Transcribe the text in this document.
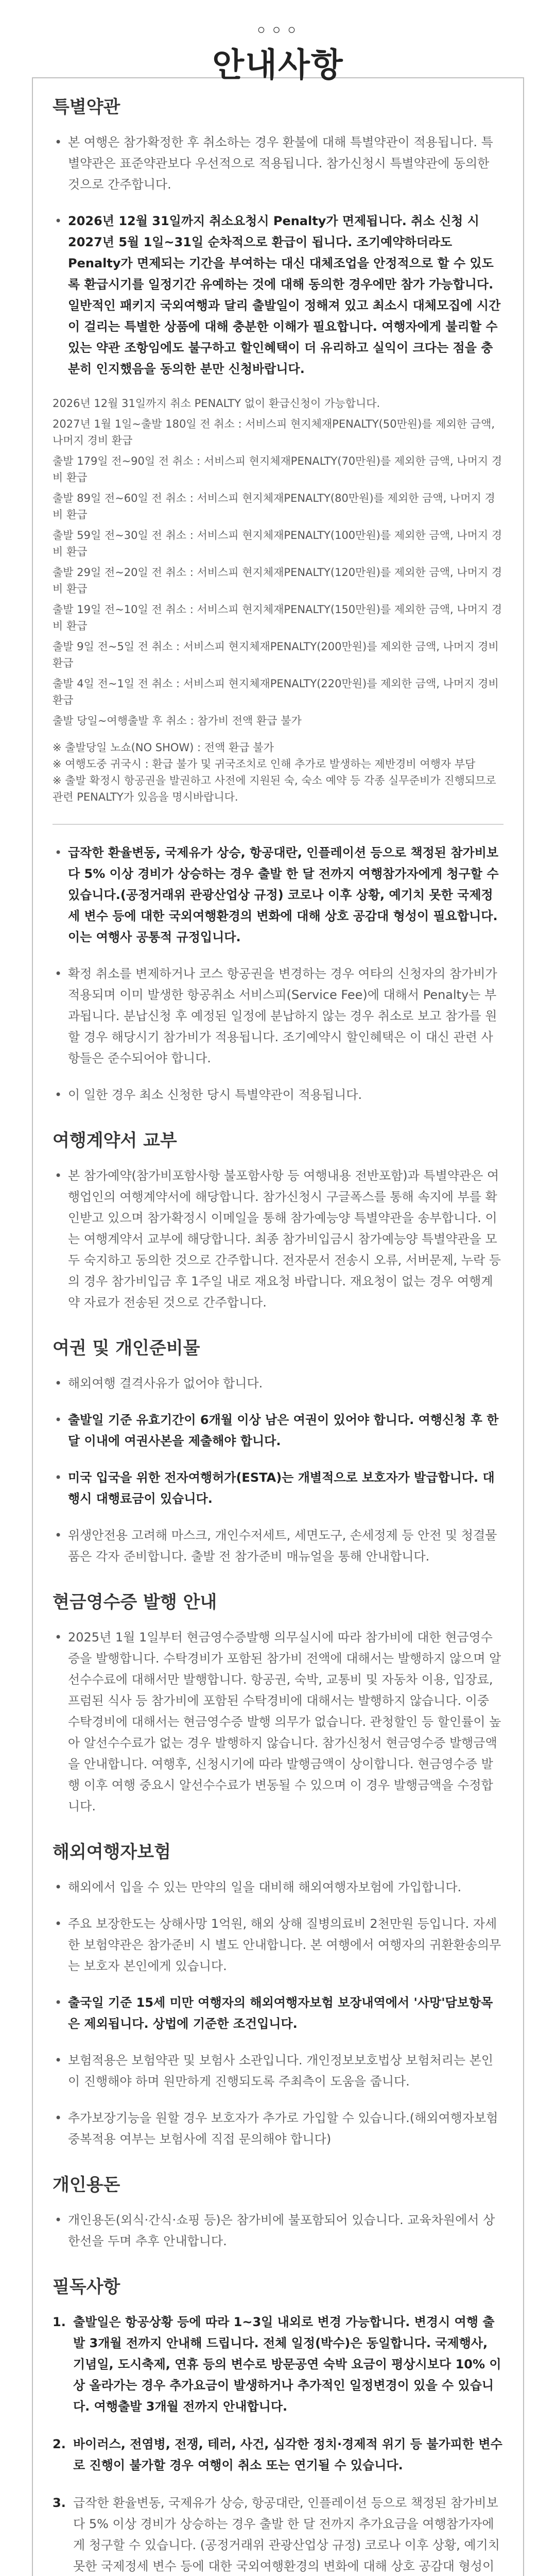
◦◦◦
안내사항
특별약관
• 본 여행은 참가확정한 후 취소하는 경우 환불에 대해 특별약관이 적용됩니다. 특별약관은 표준약관보다 우선적으로 적용됩니다. 참가신청시 특별약관에 동의한 것으로 간주합니다.
• 2026년 12월 31일까지 취소요청시 Penalty가 면제됩니다. 취소 신청 시 2027년 5월 1일~31일 순차적으로 환급이 됩니다. 조기예약하더라도 Penalty가 면제되는 기간을 부여하는 대신 대체조업을 안정적으로 할 수 있도록 환급시기를 일정기간 유예하는 것에 대해 동의한 경우에만 참가 가능합니다. 일반적인 패키지 국외여행과 달리 출발일이 정해져 있고 최소시 대체모집에 시간이 걸리는 특별한 상품에 대해 충분한 이해가 필요합니다. 여행자에게 불리할 수 있는 약관 조항임에도 불구하고 할인혜택이 더 유리하고 실익이 크다는 점을 충분히 인지했음을 동의한 분만 신청바랍니다.
2026년 12월 31일까지 취소 PENALTY 없이 환급신청이 가능합니다.
2027년 1월 1일~출발 180일 전 취소 : 서비스피 현지체재PENALTY(50만원)를 제외한 금액, 나머지 경비 환급
출발 179일 전~90일 전 취소 : 서비스피 현지체재PENALTY(70만원)를 제외한 금액, 나머지 경비 환급
출발 89일 전~60일 전 취소 : 서비스피 현지체재PENALTY(80만원)를 제외한 금액, 나머지 경비 환급
출발 59일 전~30일 전 취소 : 서비스피 현지체재PENALTY(100만원)를 제외한 금액, 나머지 경비 환급
출발 29일 전~20일 전 취소 : 서비스피 현지체재PENALTY(120만원)를 제외한 금액, 나머지 경비 환급
출발 19일 전~10일 전 취소 : 서비스피 현지체재PENALTY(150만원)를 제외한 금액, 나머지 경비 환급
출발 9일 전~5일 전 취소 : 서비스피 현지체재PENALTY(200만원)를 제외한 금액, 나머지 경비 환급
출발 4일 전~1일 전 취소 : 서비스피 현지체재PENALTY(220만원)를 제외한 금액, 나머지 경비 환급
출발 당일~여행출발 후 취소 : 참가비 전액 환급 불가
※ 출발당일 노쇼(NO SHOW) : 전액 환급 불가
※ 여행도중 귀국시 : 환급 불가 및 귀국조치로 인해 추가로 발생하는 제반경비 여행자 부담
※ 출발 확정시 항공권을 발권하고 사전에 지원된 숙, 숙소 예약 등 각종 실무준비가 진행되므로 관련 PENALTY가 있음을 명시바랍니다.
• 급작한 환율변동, 국제유가 상승, 항공대란, 인플레이션 등으로 책정된 참가비보다 5% 이상 경비가 상승하는 경우 출발 한 달 전까지 여행참가자에게 청구할 수 있습니다.(공정거래위 관광산업상 규정) 코로나 이후 상황, 예기치 못한 국제정세 변수 등에 대한 국외여행환경의 변화에 대해 상호 공감대 형성이 필요합니다. 이는 여행사 공통적 규정입니다.
• 확정 취소를 변제하거나 코스 항공권을 변경하는 경우 여타의 신청자의 참가비가 적용되며 이미 발생한 항공취소 서비스피(Service Fee)에 대해서 Penalty는 부과됩니다. 분납신청 후 예정된 일정에 분납하지 않는 경우 취소로 보고 참가를 원할 경우 해당시기 참가비가 적용됩니다. 조기예약시 할인혜택은 이 대신 관련 사항들은 준수되어야 합니다.
• 이 일한 경우 최소 신청한 당시 특별약관이 적용됩니다.
여행계약서 교부
• 본 참가예약(참가비포함사항 불포함사항 등 여행내용 전반포함)과 특별약관은 여행업인의 여행계약서에 해당합니다. 참가신청시 구글폭스를 통해 속지에 부를 확인받고 있으며 참가확정시 이메일을 통해 참가예능양 특별약관을 송부합니다. 이는 여행계약서 교부에 해당합니다. 최종 참가비입금시 참가예능양 특별약관을 모두 숙지하고 동의한 것으로 간주합니다. 전자문서 전송시 오류, 서버문제, 누락 등의 경우 참가비입금 후 1주일 내로 재요청 바랍니다. 재요청이 없는 경우 여행계약 자료가 전송된 것으로 간주합니다.
여권 및 개인준비물
• 해외여행 결격사유가 없어야 합니다.
• 출발일 기준 유효기간이 6개월 이상 남은 여권이 있어야 합니다. 여행신청 후 한달 이내에 여권사본을 제출해야 합니다.
• 미국 입국을 위한 전자여행허가(ESTA)는 개별적으로 보호자가 발급합니다. 대행시 대행료금이 있습니다.
• 위생안전용 고려해 마스크, 개인수저세트, 세면도구, 손세정제 등 안전 및 청결물품은 각자 준비합니다. 출발 전 참가준비 매뉴얼을 통해 안내합니다.
현금영수증 발행 안내
• 2025년 1월 1일부터 현금영수증발행 의무실시에 따라 참가비에 대한 현금영수증을 발행합니다. 수탁경비가 포함된 참가비 전액에 대해서는 발행하지 않으며 알선수수료에 대해서만 발행합니다. 항공권, 숙박, 교통비 및 자동차 이용, 입장료, 프럼된 식사 등 참가비에 포함된 수탁경비에 대해서는 발행하지 않습니다. 이중 수탁경비에 대해서는 현금영수증 발행 의무가 없습니다. 관청할인 등 할인률이 높아 알선수수료가 없는 경우 발행하지 않습니다. 참가신청서 현금영수증 발행금액을 안내합니다. 여행후, 신청시기에 따라 발행금액이 상이합니다. 현금영수증 발행 이후 여행 중요시 알선수수료가 변동될 수 있으며 이 경우 발행금액을 수정합니다.
해외여행자보험
• 해외에서 입을 수 있는 만약의 일을 대비해 해외여행자보험에 가입합니다.
• 주요 보장한도는 상해사망 1억원, 해외 상해 질병의료비 2천만원 등입니다. 자세한 보험약관은 참가준비 시 별도 안내합니다. 본 여행에서 여행자의 귀환환송의무는 보호자 본인에게 있습니다.
• 출국일 기준 15세 미만 여행자의 해외여행자보험 보장내역에서 '사망'담보항목은 제외됩니다. 상법에 기준한 조건입니다.
• 보험적용은 보험약관 및 보험사 소관입니다. 개인정보보호법상 보험처리는 본인이 진행해야 하며 원만하게 진행되도록 주최측이 도움을 줍니다.
• 추가보장기능을 원할 경우 보호자가 추가로 가입할 수 있습니다.(해외여행자보험 중복적용 여부는 보험사에 직접 문의해야 합니다)
개인용돈
• 개인용돈(외식·간식·쇼핑 등)은 참가비에 불포함되어 있습니다. 교육차원에서 상한선을 두며 추후 안내합니다.
필독사항
1. 출발일은 항공상황 등에 따라 1~3일 내외로 변경 가능합니다. 변경시 여행 출발 3개월 전까지 안내해 드립니다. 전체 일정(박수)은 동일합니다. 국제행사, 기념일, 도시축제, 연휴 등의 변수로 방문공연 숙박 요금이 평상시보다 10% 이상 올라가는 경우 추가요금이 발생하거나 추가적인 일정변경이 있을 수 있습니다. 여행출발 3개월 전까지 안내합니다.
2. 바이러스, 전염병, 전쟁, 테러, 사건, 심각한 정치·경제적 위기 등 불가피한 변수로 진행이 불가할 경우 여행이 취소 또는 연기될 수 있습니다.
3. 급작한 환율변동, 국제유가 상승, 항공대란, 인플레이션 등으로 책정된 참가비보다 5% 이상 경비가 상승하는 경우 출발 한 달 전까지 추가요금을 여행참가자에게 청구할 수 있습니다. (공정거래위 관광산업상 규정) 코로나 이후 상황, 예기치 못한 국제정세 변수 등에 대한 국외여행환경의 변화에 대해 상호 공감대 형성이
